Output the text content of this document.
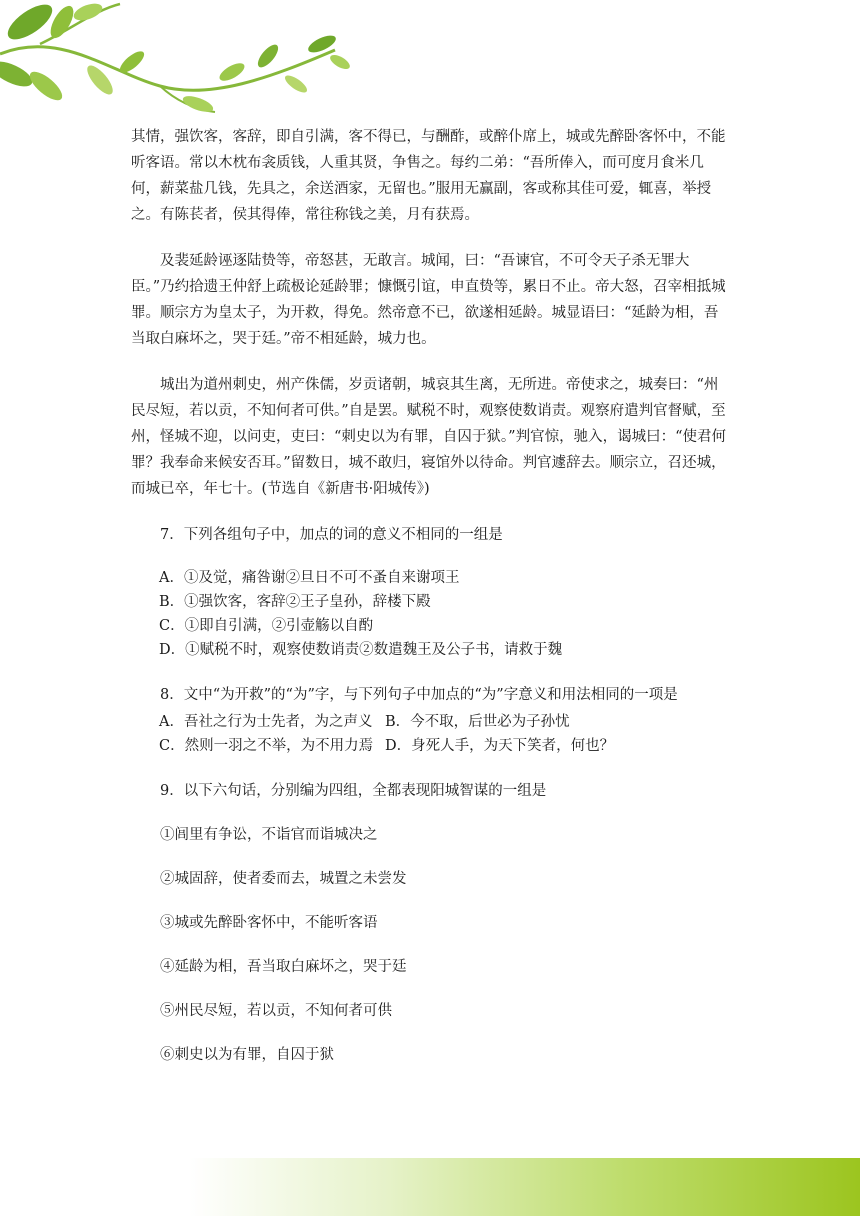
其情，强饮客，客辞，即自引满，客不得已，与酬酢，或醉仆席上，城或先醉卧客怀中，不能听客语。常以木枕布衾质钱，人重其贤，争售之。每约二弟：“吾所俸入，而可度月食米几何，薪菜盐几钱，先具之，余送酒家，无留也。”服用无赢副，客或称其佳可爱，辄喜，举授之。有陈苌者，侯其得俸，常往称钱之美，月有获焉。

及裴延龄诬逐陆贽等，帝怒甚，无敢言。城闻，曰：“吾谏官，不可令天子杀无罪大臣。”乃约拾遗王仲舒上疏极论延龄罪；慷慨引谊，申直贽等，累日不止。帝大怒，召宰相抵城罪。顺宗方为皇太子，为开救，得免。然帝意不已，欲遂相延龄。城显语曰：“延龄为相，吾当取白麻坏之，哭于廷。”帝不相延龄，城力也。

城出为道州刺史，州产侏儒，岁贡诸朝，城哀其生离，无所进。帝使求之，城奏曰：“州民尽短，若以贡，不知何者可供。”自是罢。赋税不时，观察使数诮责。观察府遣判官督赋，至州，怪城不迎，以问吏，吏曰：“刺史以为有罪，自囚于狱。”判官惊，驰入，谒城曰：“使君何罪？我奉命来候安否耳。”留数日，城不敢归，寝馆外以待命。判官遽辞去。顺宗立，召还城，而城已卒，年七十。(节选自《新唐书·阳城传》)

7．下列各组句子中，加点的词的意义不相同的一组是

A．①及觉，痛咎谢②旦日不可不蚤自来谢项王
B．①强饮客，客辞②王子皇孙，辞楼下殿
C．①即自引满，②引壶觞以自酌
D．①赋税不时，观察使数诮责②数遣魏王及公子书，请救于魏

8．文中“为开救”的“为”字，与下列句子中加点的“为”字意义和用法相同的一项是

A．吾社之行为士先者，为之声义 B．今不取，后世必为子孙忧
C．然则一羽之不举，为不用力焉 D．身死人手，为天下笑者，何也？

9．以下六句话，分别编为四组，全都表现阳城智谋的一组是

①闾里有争讼，不诣官而诣城决之

②城固辞，使者委而去，城置之未尝发

③城或先醉卧客怀中，不能听客语

④延龄为相，吾当取白麻坏之，哭于廷

⑤州民尽短，若以贡，不知何者可供

⑥刺史以为有罪，自囚于狱
